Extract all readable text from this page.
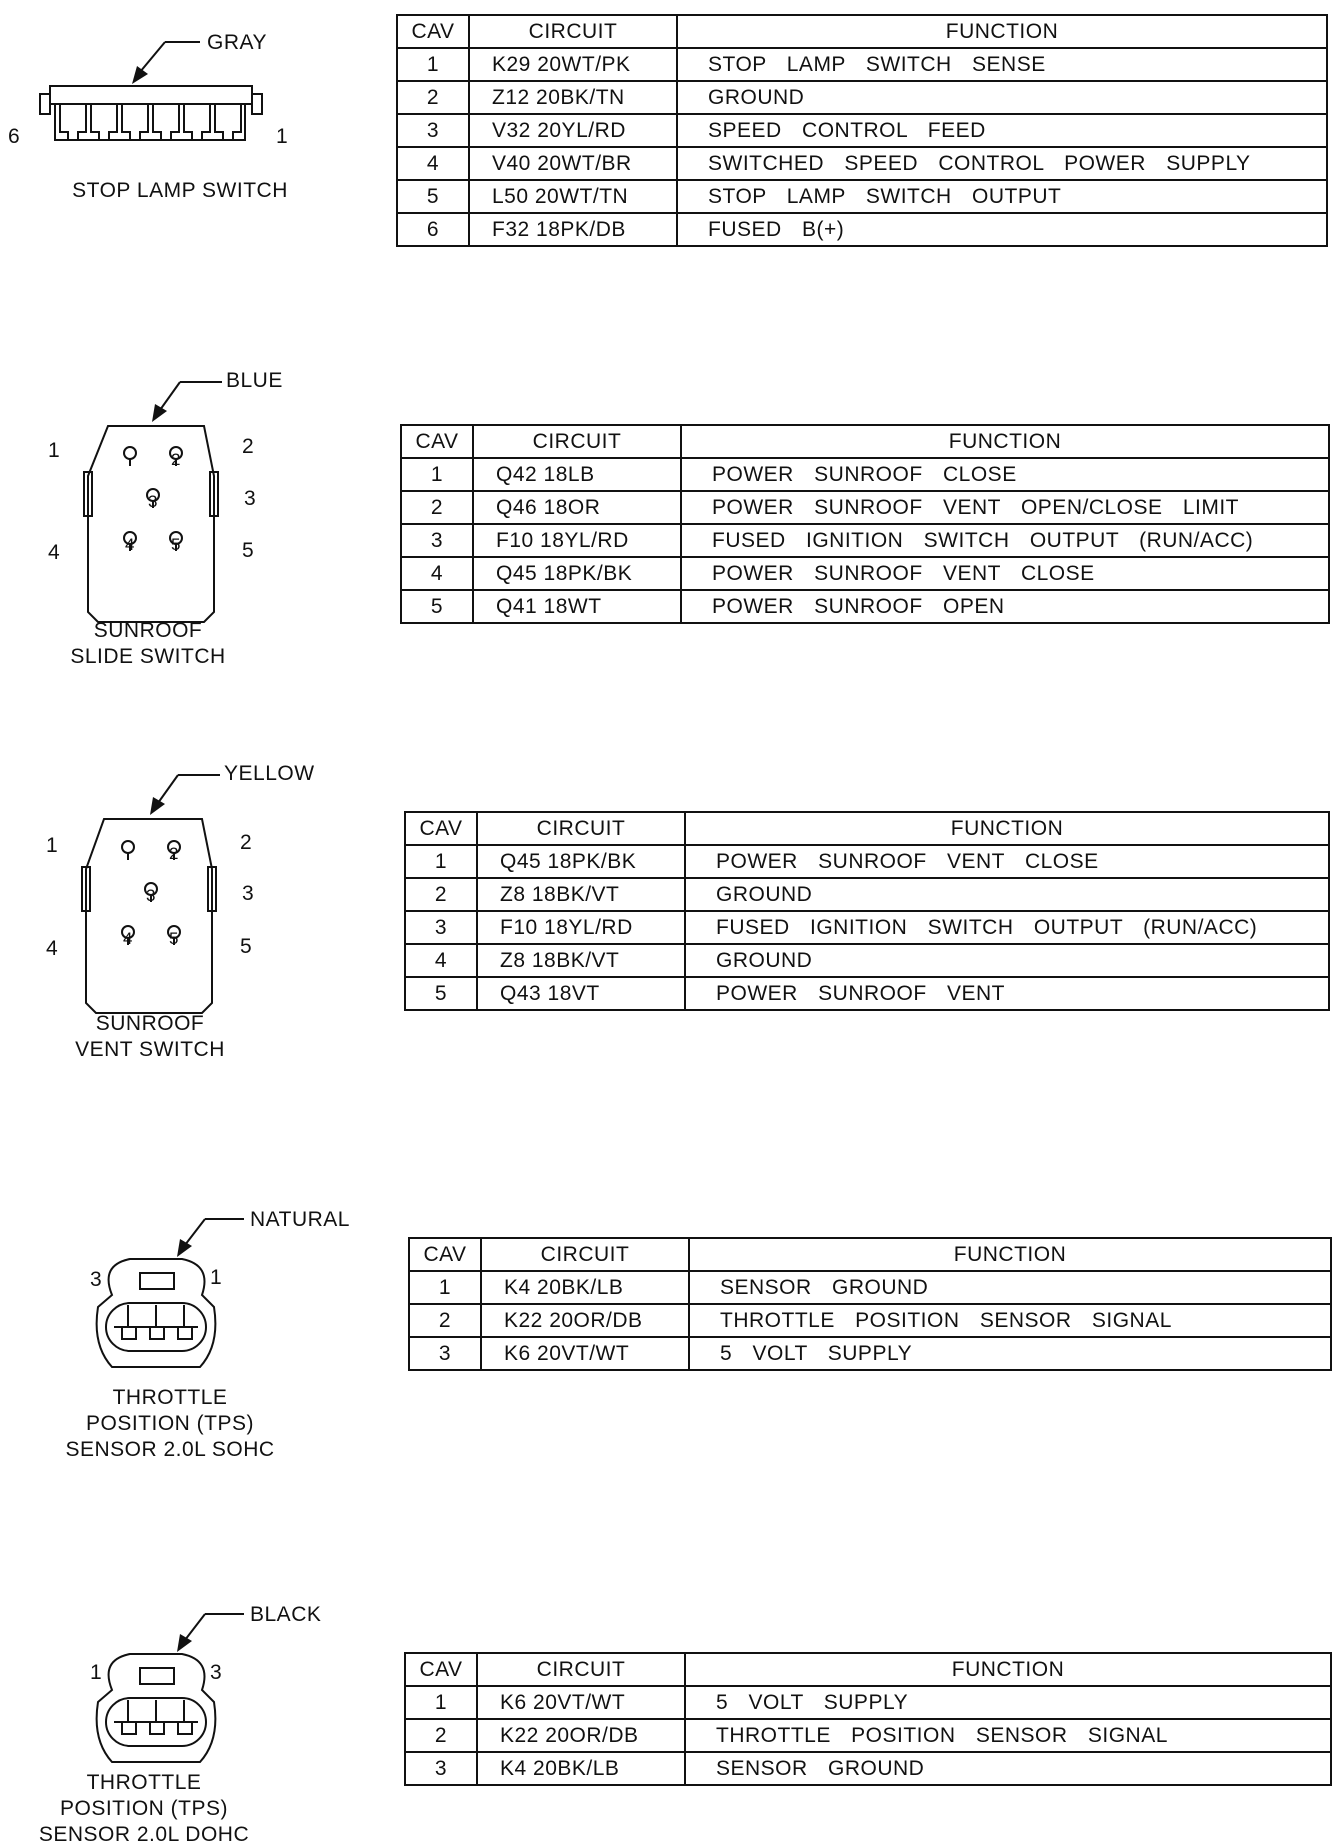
GRAY
6	1
STOP LAMP SWITCH
CAV	CIRCUIT	FUNCTION
1	K29 20WT/PK	STOP LAMP SWITCH SENSE
2	Z12 20BK/TN	GROUND
3	V32 20YL/RD	SPEED CONTROL FEED
4	V40 20WT/BR	SWITCHED SPEED CONTROL POWER SUPPLY
5	L50 20WT/TN	STOP LAMP SWITCH OUTPUT
6	F32 18PK/DB	FUSED B(+)
BLUE
1	2
3
4	5
2
3
4 5
SUNROOF
SLIDE SWITCH
CAV	CIRCUIT	FUNCTION
1	Q42 18LB	POWER SUNROOF CLOSE
2	Q46 18OR	POWER SUNROOF VENT OPEN/CLOSE LIMIT
3	F10 18YL/RD	FUSED IGNITION SWITCH OUTPUT (RUN/ACC)
4	Q45 18PK/BK	POWER SUNROOF VENT CLOSE
5	Q41 18WT	POWER SUNROOF OPEN
YELLOW
1	2
3
4	5
2
3
4 5
SUNROOF
VENT SWITCH
CAV	CIRCUIT	FUNCTION
1	Q45 18PK/BK	POWER SUNROOF VENT CLOSE
2	Z8 18BK/VT	GROUND
3	F10 18YL/RD	FUSED IGNITION SWITCH OUTPUT (RUN/ACC)
4	Z8 18BK/VT	GROUND
5	Q43 18VT	POWER SUNROOF VENT
NATURAL
3	1
THROTTLE
POSITION (TPS)
SENSOR 2.0L SOHC
CAV	CIRCUIT	FUNCTION
1	K4 20BK/LB	SENSOR GROUND
2	K22 20OR/DB	THROTTLE POSITION SENSOR SIGNAL
3	K6 20VT/WT	5 VOLT SUPPLY
BLACK
1	3
THROTTLE
POSITION (TPS)
SENSOR 2.0L DOHC
CAV	CIRCUIT	FUNCTION
1	K6 20VT/WT	5 VOLT SUPPLY
2	K22 20OR/DB	THROTTLE POSITION SENSOR SIGNAL
3	K4 20BK/LB	SENSOR GROUND
